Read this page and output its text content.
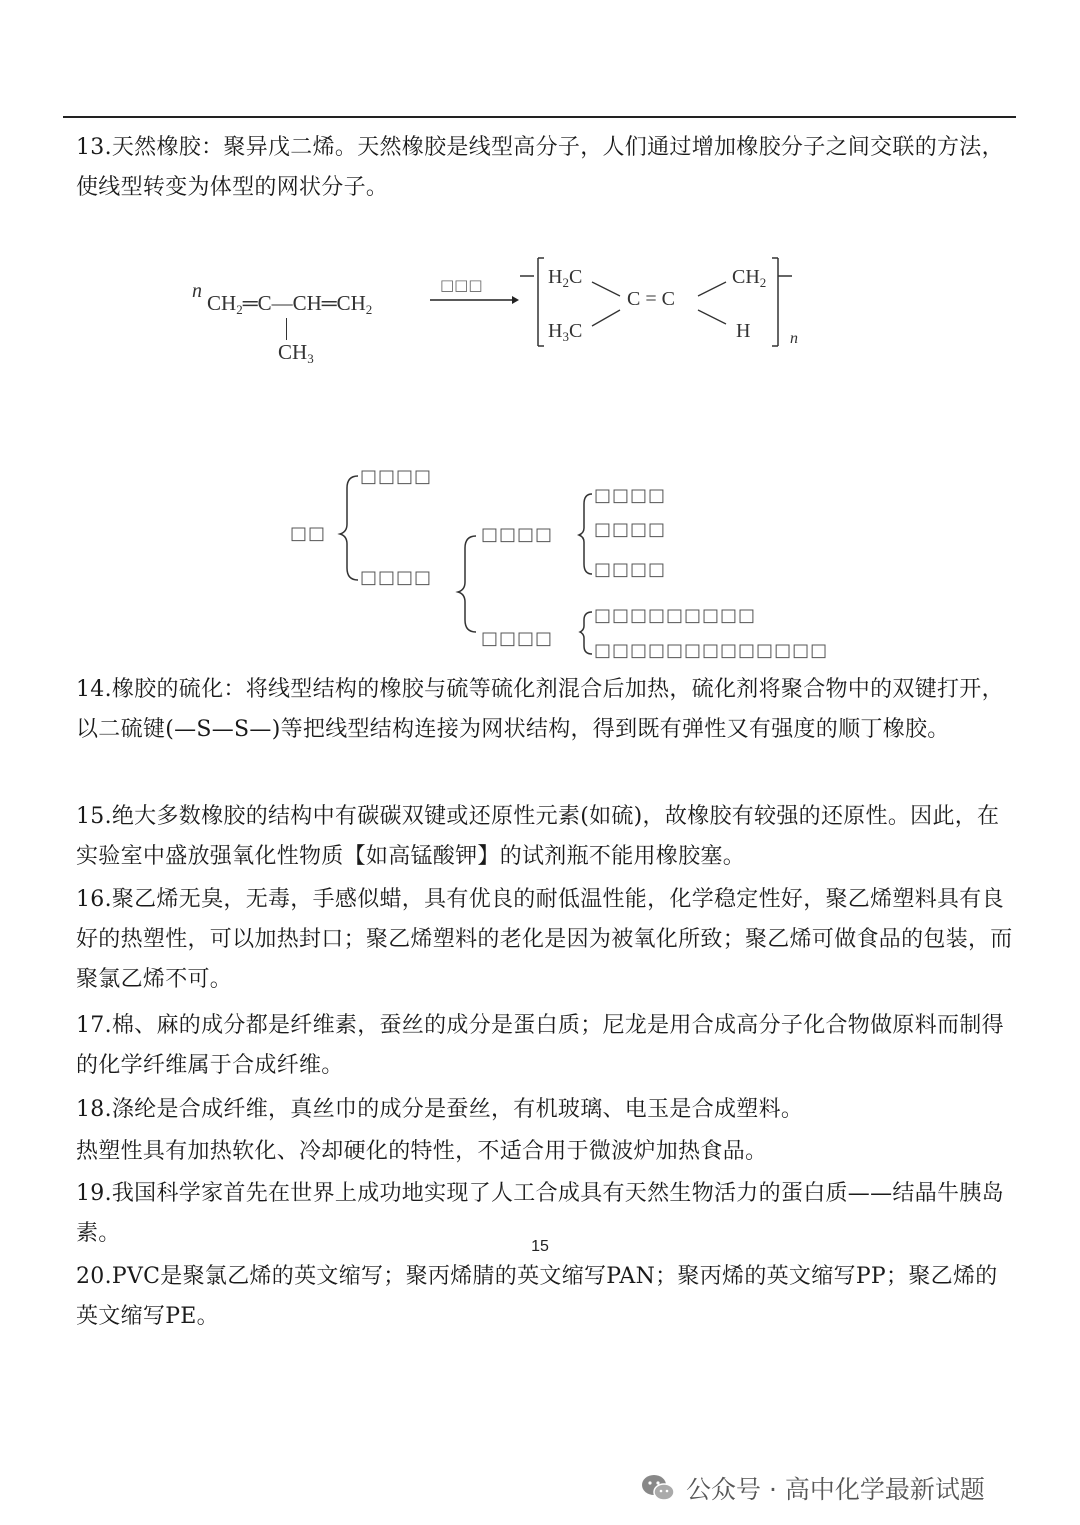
13.天然橡胶：聚异戊二烯。天然橡胶是线型高分子，人们通过增加橡胶分子之间交联的方法，使线型转变为体型的网状分子。

n $CH_2═C—CH═CH_2$
$CH_3$
□□□	$H_2C$
$H_3C$
C = C
$CH_2$
H n
□□
□□□□
□□□□
□□□□
□□□□
□□□□
□□□□
□□□□
□□□□□□□□□
□□□□□□□□□□□□□

14.橡胶的硫化：将线型结构的橡胶与硫等硫化剂混合后加热，硫化剂将聚合物中的双键打开，以二硫键(—S—S—)等把线型结构连接为网状结构，得到既有弹性又有强度的顺丁橡胶。

15.绝大多数橡胶的结构中有碳碳双键或还原性元素(如硫)，故橡胶有较强的还原性。因此，在实验室中盛放强氧化性物质【如高锰酸钾】的试剂瓶不能用橡胶塞。

16.聚乙烯无臭，无毒，手感似蜡，具有优良的耐低温性能，化学稳定性好，聚乙烯塑料具有良好的热塑性，可以加热封口；聚乙烯塑料的老化是因为被氧化所致；聚乙烯可做食品的包装，而聚氯乙烯不可。

17.棉、麻的成分都是纤维素，蚕丝的成分是蛋白质；尼龙是用合成高分子化合物做原料而制得的化学纤维属于合成纤维。

18.涤纶是合成纤维，真丝巾的成分是蚕丝，有机玻璃、电玉是合成塑料。

热塑性具有加热软化、冷却硬化的特性，不适合用于微波炉加热食品。

19.我国科学家首先在世界上成功地实现了人工合成具有天然生物活力的蛋白质——结晶牛胰岛素。

20.PVC是聚氯乙烯的英文缩写；聚丙烯腈的英文缩写PAN；聚丙烯的英文缩写PP；聚乙烯的英文缩写PE。

15
公众号 · 高中化学最新试题
